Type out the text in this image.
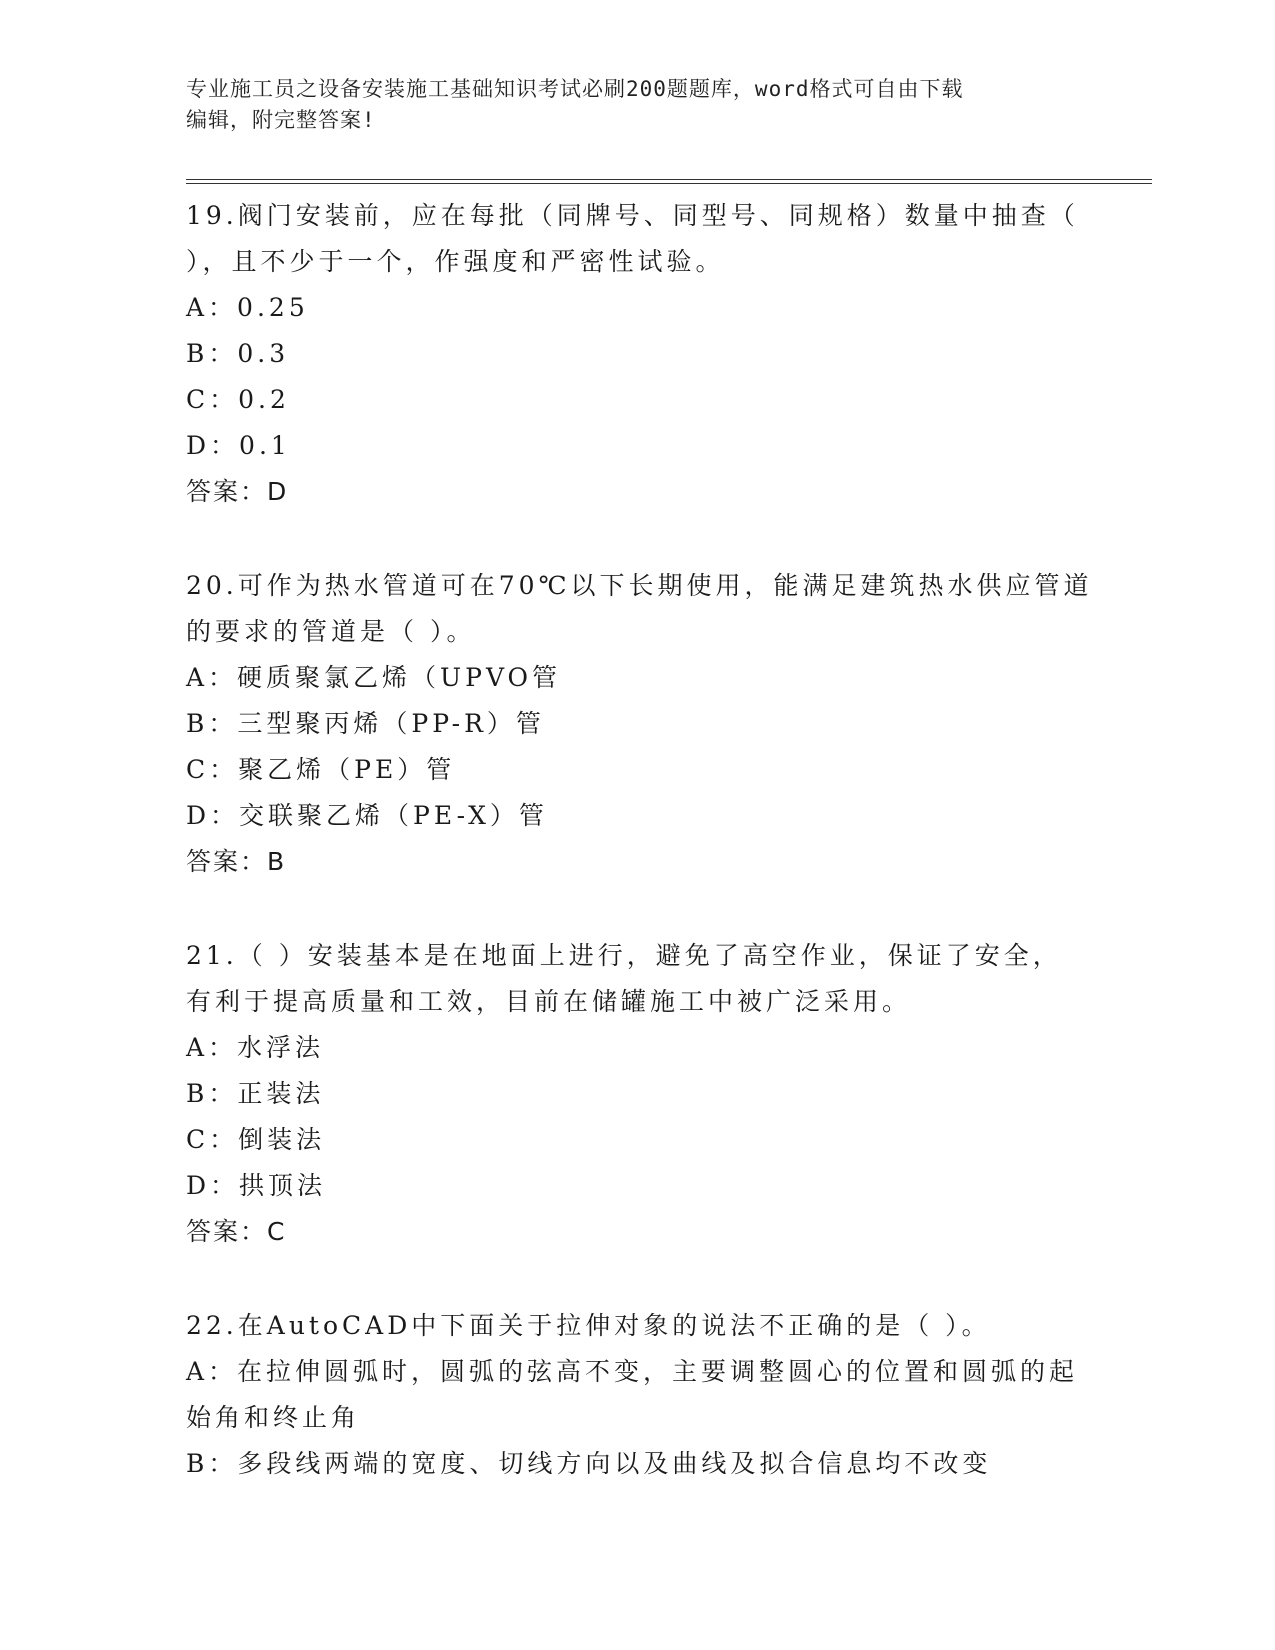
专业施工员之设备安装施工基础知识考试必刷200题题库，word格式可自由下载
编辑，附完整答案!
19.阀门安装前，应在每批（同牌号、同型号、同规格）数量中抽查（
），且不少于一个，作强度和严密性试验。
A：0.25
B：0.3
C：0.2
D：0.1
答案：D
20.可作为热水管道可在70℃以下长期使用，能满足建筑热水供应管道
的要求的管道是（ ）。
A：硬质聚氯乙烯（UPVO管
B：三型聚丙烯（PP-R）管
C：聚乙烯（PE）管
D：交联聚乙烯（PE-X）管
答案：B
21.（ ）安装基本是在地面上进行，避免了高空作业，保证了安全，
有利于提高质量和工效，目前在储罐施工中被广泛采用。
A：水浮法
B：正装法
C：倒装法
D：拱顶法
答案：C
22.在AutoCAD中下面关于拉伸对象的说法不正确的是（ ）。
A：在拉伸圆弧时，圆弧的弦高不变，主要调整圆心的位置和圆弧的起
始角和终止角
B：多段线两端的宽度、切线方向以及曲线及拟合信息均不改变
